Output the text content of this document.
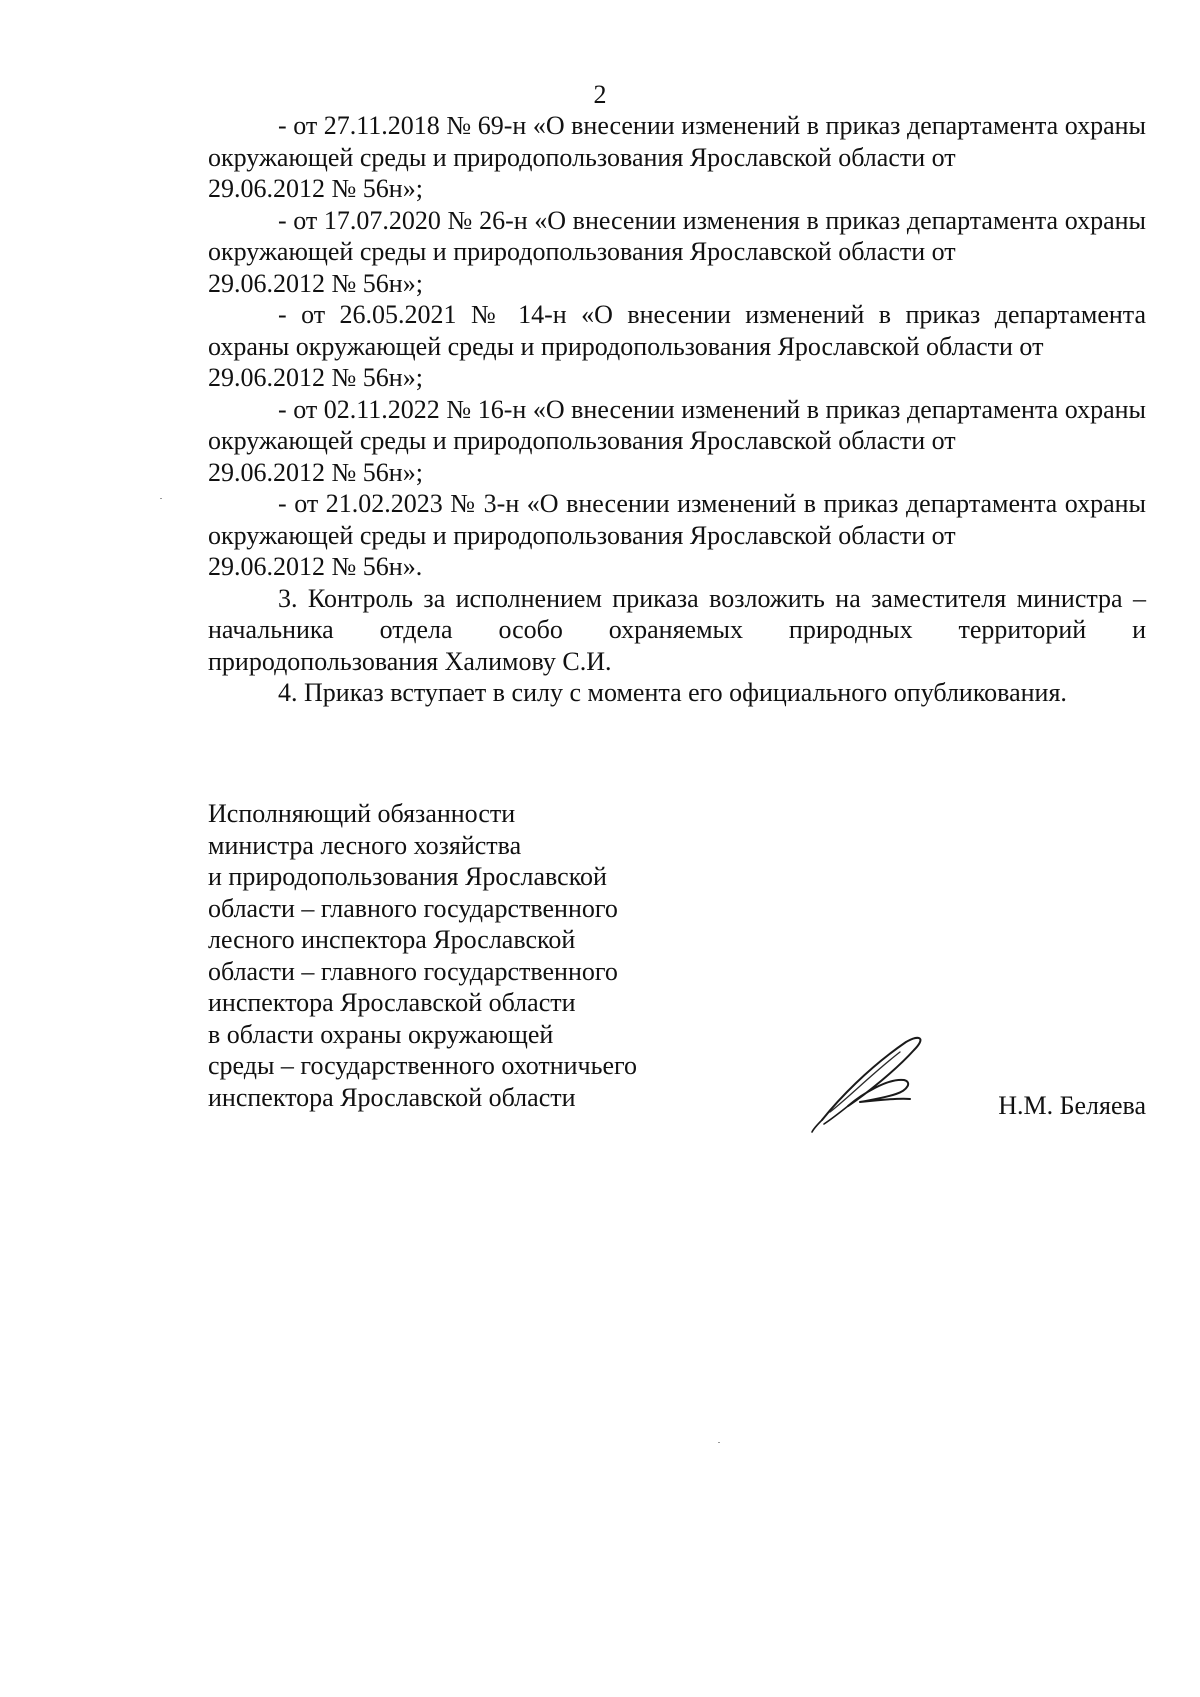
2

- от 27.11.2018 № 69-н «О внесении изменений в приказ департамента охраны окружающей среды и природопользования Ярославской области от
29.06.2012 № 56н»;

- от 17.07.2020 № 26-н «О внесении изменения в приказ департамента охраны окружающей среды и природопользования Ярославской области от
29.06.2012 № 56н»;

- от 26.05.2021 № 14-н «О внесении изменений в приказ департамента охраны окружающей среды и природопользования Ярославской области от
29.06.2012 № 56н»;

- от 02.11.2022 № 16-н «О внесении изменений в приказ департамента охраны окружающей среды и природопользования Ярославской области от
29.06.2012 № 56н»;

- от 21.02.2023 № 3-н «О внесении изменений в приказ департамента охраны окружающей среды и природопользования Ярославской области от
29.06.2012 № 56н».

3. Контроль за исполнением приказа возложить на заместителя министра – начальника отдела особо охраняемых природных территорий и природопользования Халимову С.И.

4. Приказ вступает в силу с момента его официального опубликования.

Исполняющий обязанности
министра лесного хозяйства
и природопользования Ярославской
области – главного государственного
лесного инспектора Ярославской
области – главного государственного
инспектора Ярославской области
в области охраны окружающей
среды – государственного охотничьего
инспектора Ярославской области	Н.М. Беляева
